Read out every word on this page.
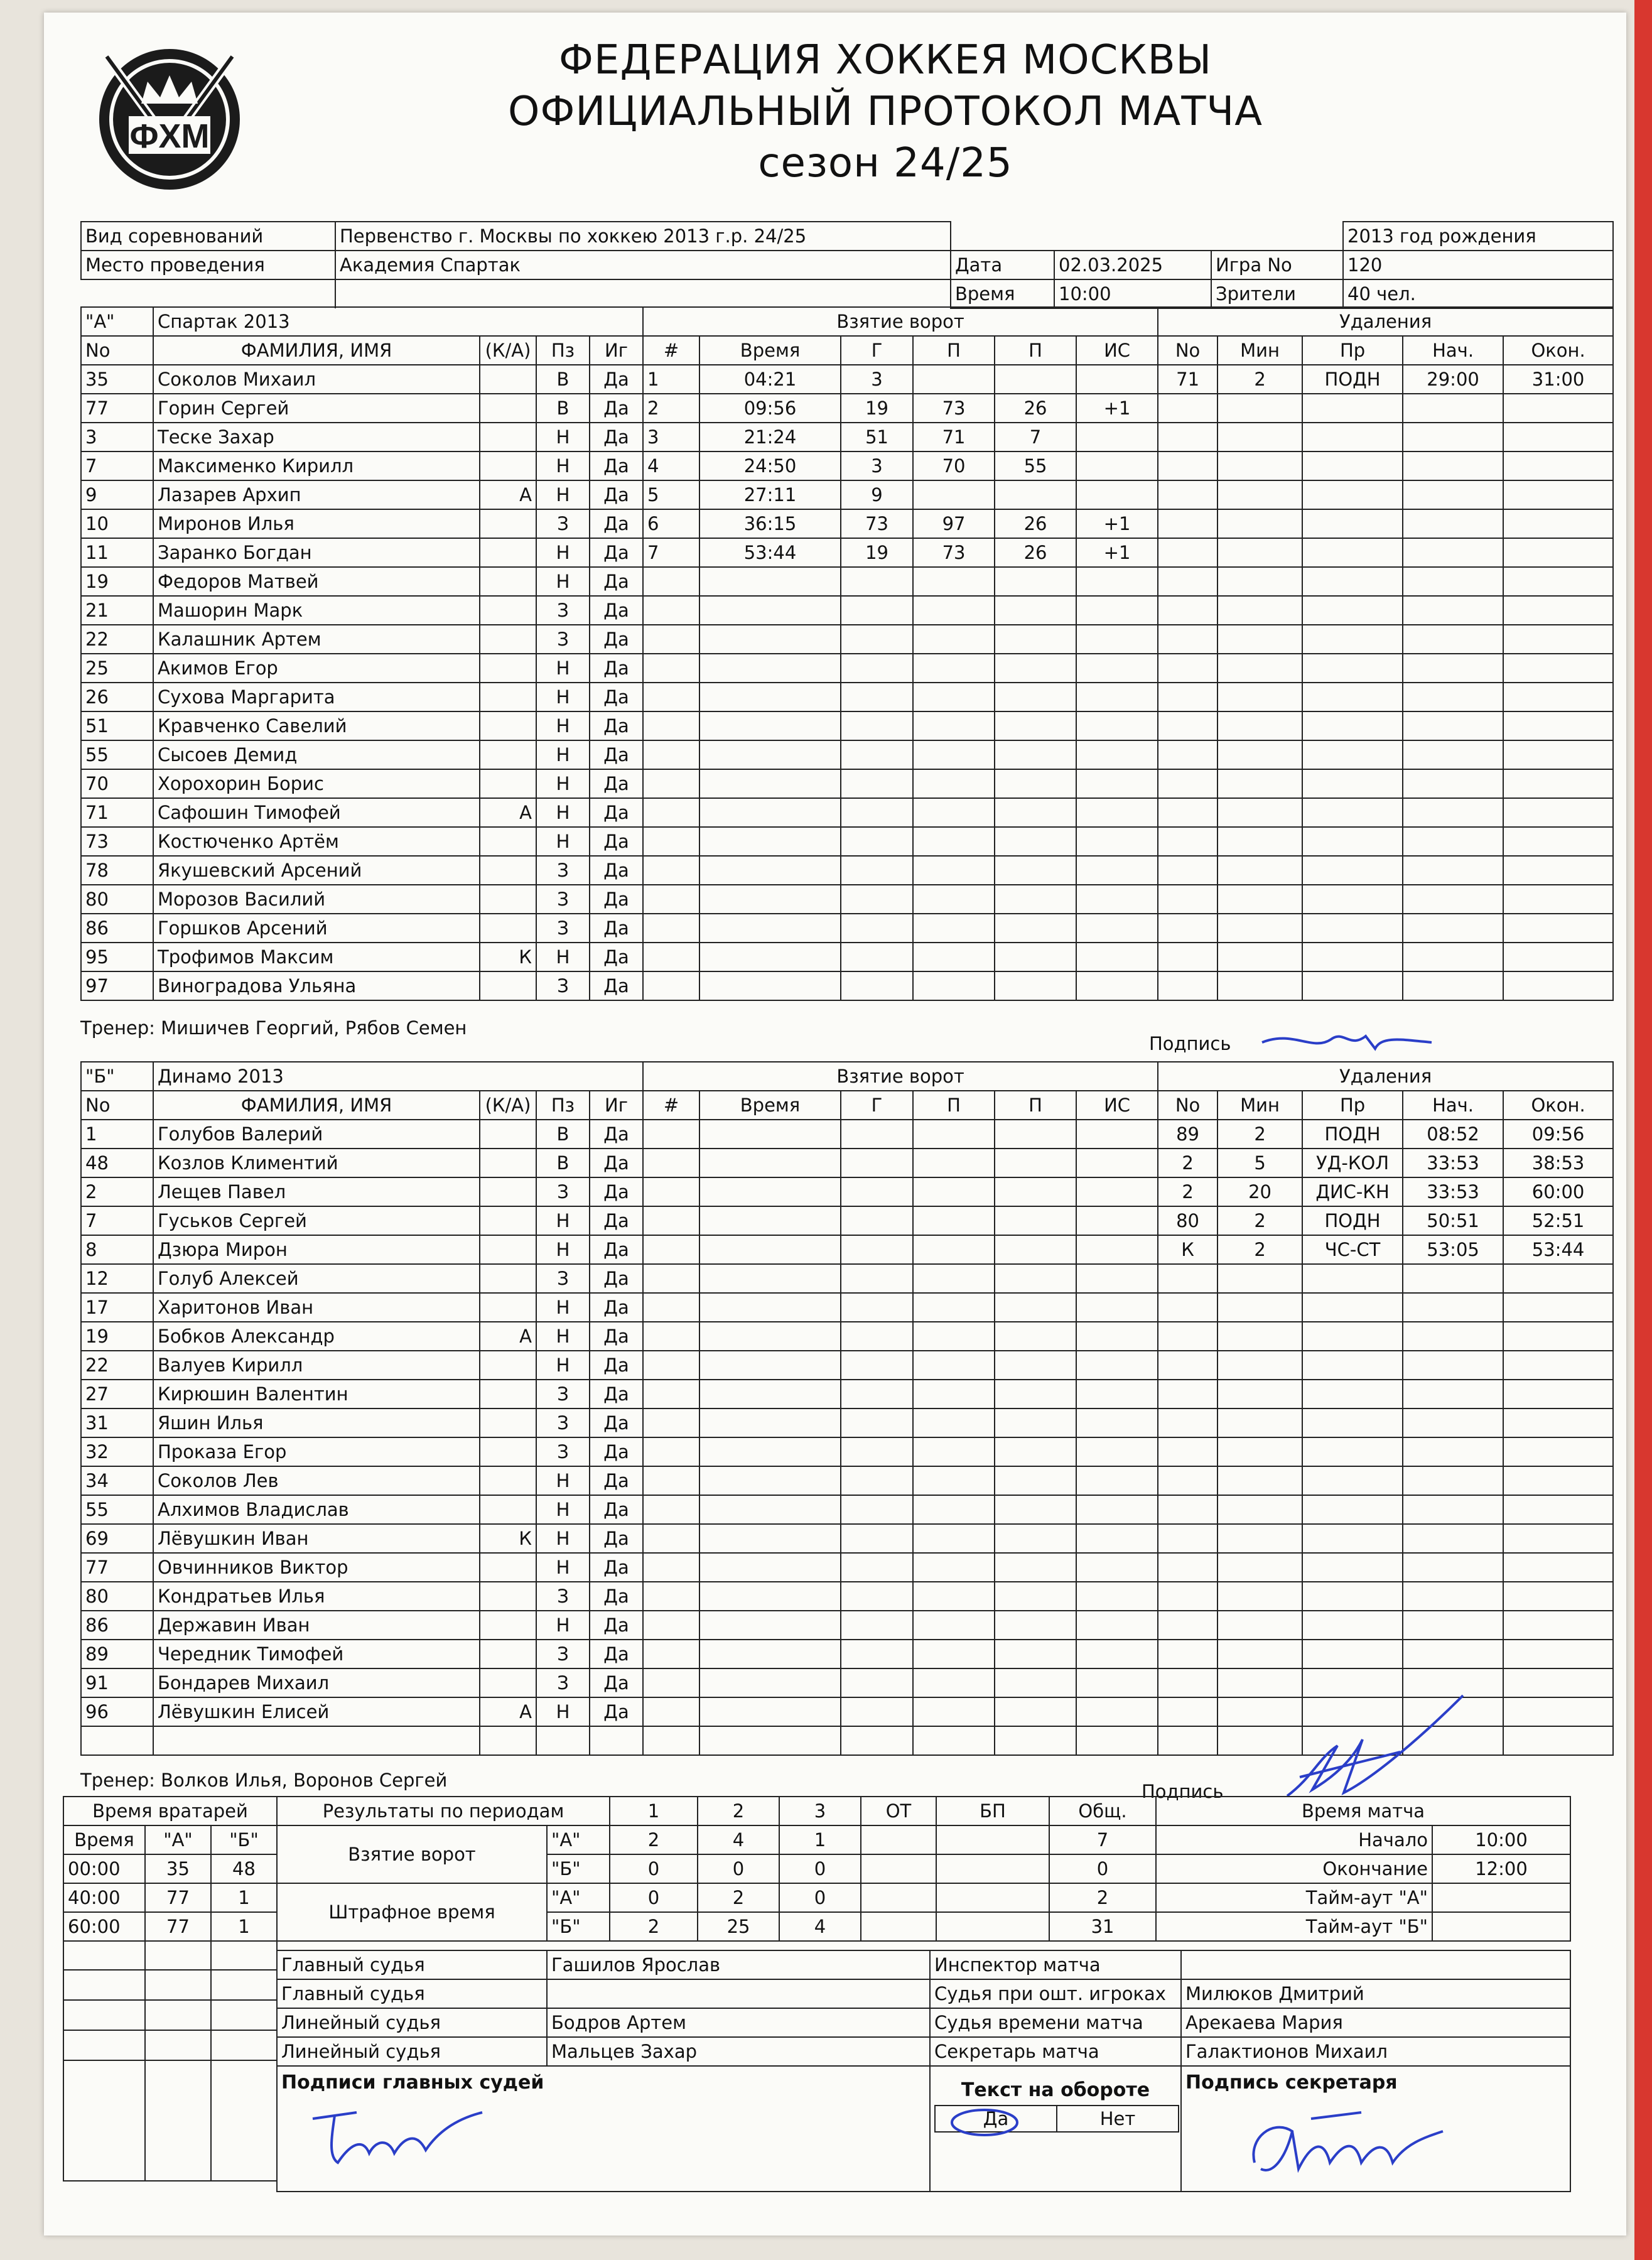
ФХМ
ФЕДЕРАЦИЯ ХОККЕЯ МОСКВЫ
ОФИЦИАЛЬНЫЙ ПРОТОКОЛ МАТЧА
сезон 24/25
Вид соревнований	Первенство г. Москвы по хоккею 2013 г.р. 24/25				2013 год рождения
Место проведения	Академия Спартак	Дата	02.03.2025	Игра No	120
		Время	10:00	Зрители	40 чел.
"А"	Спартак 2013				Взятие ворот						Удаления				
No	ФАМИЛИЯ, ИМЯ	(К/А)	Пз	Иг	#	Время	Г	П	П	ИС	No	Мин	Пр	Нач.	Окон.
35	Соколов Михаил		В	Да	1	04:21	3				71	2	ПОДН	29:00	31:00
77	Горин Сергей		В	Да	2	09:56	19	73	26	+1					
3	Теске Захар		Н	Да	3	21:24	51	71	7						
7	Максименко Кирилл		Н	Да	4	24:50	3	70	55						
9	Лазарев Архип	А	Н	Да	5	27:11	9								
10	Миронов Илья		З	Да	6	36:15	73	97	26	+1					
11	Заранко Богдан		Н	Да	7	53:44	19	73	26	+1					
19	Федоров Матвей		Н	Да											
21	Машорин Марк		З	Да											
22	Калашник Артем		З	Да											
25	Акимов Егор		Н	Да											
26	Сухова Маргарита		Н	Да											
51	Кравченко Савелий		Н	Да											
55	Сысоев Демид		Н	Да											
70	Хорохорин Борис		Н	Да											
71	Сафошин Тимофей	А	Н	Да											
73	Костюченко Артём		Н	Да											
78	Якушевский Арсений		З	Да											
80	Морозов Василий		З	Да											
86	Горшков Арсений		З	Да											
95	Трофимов Максим	К	Н	Да											
97	Виноградова Ульяна		З	Да											
Тренер: Мишичев Георгий, Рябов Семен
Подпись
"Б"	Динамо 2013				Взятие ворот						Удаления				
No	ФАМИЛИЯ, ИМЯ	(К/А)	Пз	Иг	#	Время	Г	П	П	ИС	No	Мин	Пр	Нач.	Окон.
1	Голубов Валерий		В	Да							89	2	ПОДН	08:52	09:56
48	Козлов Климентий		В	Да							2	5	УД-КОЛ	33:53	38:53
2	Лещев Павел		З	Да							2	20	ДИС-КН	33:53	60:00
7	Гуськов Сергей		Н	Да							80	2	ПОДН	50:51	52:51
8	Дзюра Мирон		Н	Да							К	2	ЧС-СТ	53:05	53:44
12	Голуб Алексей		З	Да											
17	Харитонов Иван		Н	Да											
19	Бобков Александр	А	Н	Да											
22	Валуев Кирилл		Н	Да											
27	Кирюшин Валентин		З	Да											
31	Яшин Илья		З	Да											
32	Проказа Егор		З	Да											
34	Соколов Лев		Н	Да											
55	Алхимов Владислав		Н	Да											
69	Лёвушкин Иван	К	Н	Да											
77	Овчинников Виктор		Н	Да											
80	Кондратьев Илья		З	Да											
86	Державин Иван		Н	Да											
89	Чередник Тимофей		З	Да											
91	Бондарев Михаил		З	Да											
96	Лёвушкин Елисей	А	Н	Да											

Тренер: Волков Илья, Воронов Сергей
Подпись
Время вратарей		
Время	"А"	"Б"
00:00	35	48
40:00	77	1
60:00	77	1

Результаты по периодам		1	2	3	ОТ	БП	Общ.
Взятие ворот	"А"	2	4	1			7
	"Б"	0	0	0			0
Штрафное время	"А"	0	2	0			2
	"Б"	2	25	4			31
Время матча	
Начало	10:00
Окончание	12:00
Тайм-аут "А"	
Тайм-аут "Б"	
Главный судья	Гашилов Ярослав	Инспектор матча	
Главный судья		Судья при ошт. игроках	Милюков Дмитрий
Линейный судья	Бодров Артем	Судья времени матча	Арекаева Мария
Линейный судья	Мальцев Захар	Секретарь матча	Галактионов Михаил
Подписи главных судей	Текст на обороте
Да	Нет
	Подпись секретаря
